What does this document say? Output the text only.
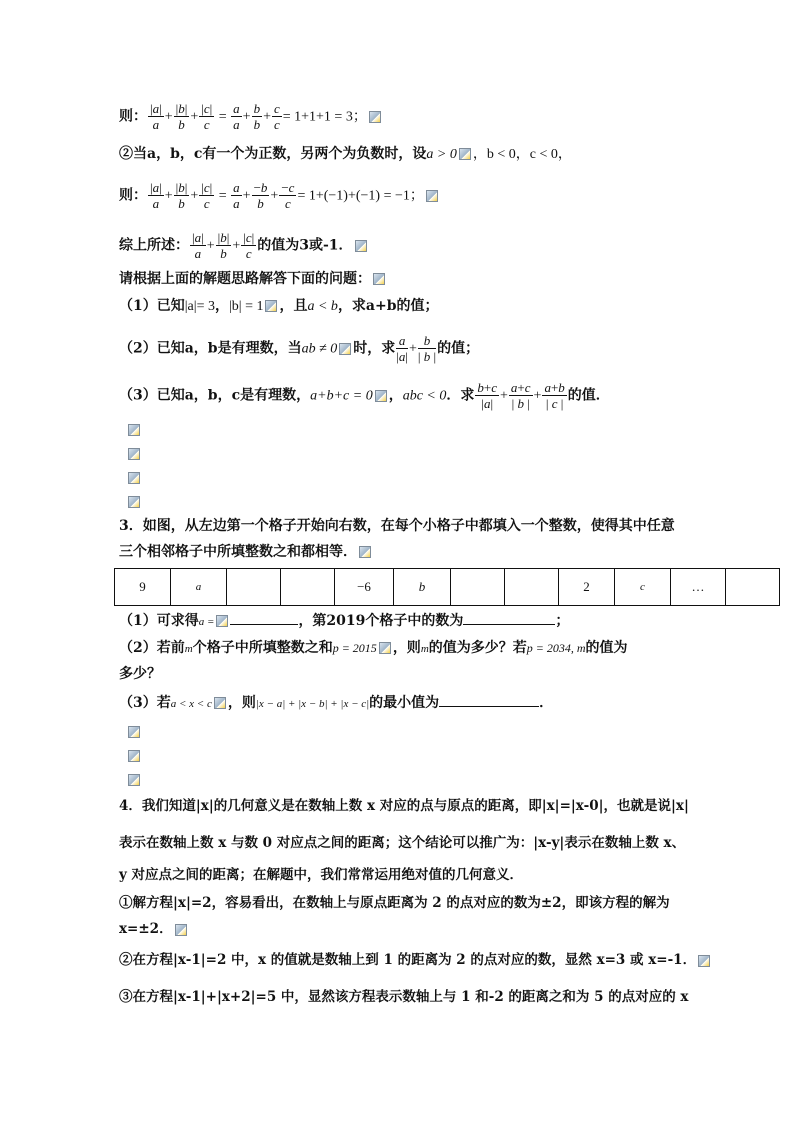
则： $\frac{|a|}{a} + \frac{|b|}{b} + \frac{|c|}{c} = \frac{a}{a} + \frac{b}{b} + \frac{c}{c} = 1+1+1 = 3$；
②当a，b，c有一个为正数，另两个为负数时，设a > 0 ，b < 0，c < 0，
则： $\frac{|a|}{a} + \frac{|b|}{b} + \frac{|c|}{c} = \frac{a}{a} + \frac{-b}{b} + \frac{-c}{c} = 1+(-1)+(-1) = -1$；
综上所述： $\frac{|a|}{a} + \frac{|b|}{b} + \frac{|c|}{c}$ 的值为3或-1．
请根据上面的解题思路解答下面的问题：
（1）已知|a|= 3，|b| = 1 ，且a < b，求a+b的值；
（2）已知a，b是有理数，当ab ≠ 0 时，求 $\frac{a}{|a|} + \frac{b}{| b |}$ 的值；
（3）已知a，b，c是有理数，a+b+c = 0 ，abc < 0．求 $\frac{b+c}{|a|} + \frac{a+c}{| b |} + \frac{a+b}{| c |}$ 的值．
3．如图，从左边第一个格子开始向右数，在每个小格子中都填入一个整数，使得其中任意
三个相邻格子中所填整数之和都相等．
9	a			−6	b			2	c	…	
（1）可求得a =	，第2019个格子中的数为	；
（2）若前m个格子中所填整数之和p = 2015 ，则m的值为多少？若p = 2034, m的值为
多少？
（3）若a < x < c ，则|x − a| + |x − b| + |x − c|的最小值为	．
4．我们知道|x|的几何意义是在数轴上数 x 对应的点与原点的距离，即|x|=|x-0|，也就是说|x|
表示在数轴上数 x 与数 0 对应点之间的距离；这个结论可以推广为：|x-y|表示在数轴上数 x、
y 对应点之间的距离；在解题中，我们常常运用绝对值的几何意义．
①解方程|x|=2，容易看出，在数轴上与原点距离为 2 的点对应的数为±2，即该方程的解为
x=±2．
②在方程|x-1|=2 中，x 的值就是数轴上到 1 的距离为 2 的点对应的数，显然 x=3 或 x=-1．
③在方程|x-1|+|x+2|=5 中，显然该方程表示数轴上与 1 和-2 的距离之和为 5 的点对应的 x
